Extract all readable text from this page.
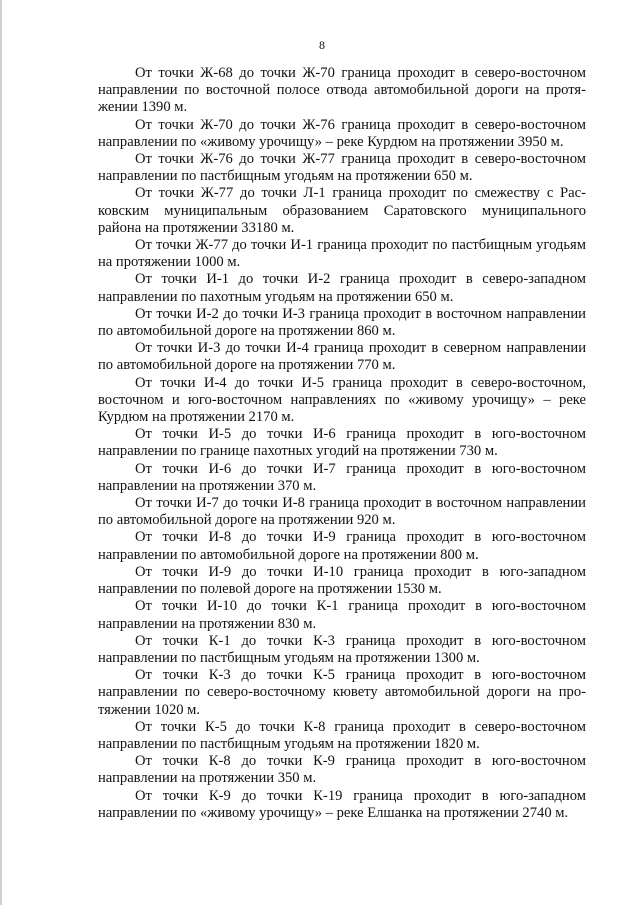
8

От точки Ж-68 до точки Ж-70 граница проходит в северо-восточном направлении по восточной полосе отвода автомобильной дороги на протяжении 1390 м.

От точки Ж-70 до точки Ж-76 граница проходит в северо-восточном направлении по «живому урочищу» – реке Курдюм на протяжении 3950 м.

От точки Ж-76 до точки Ж-77 граница проходит в северо-восточном направлении по пастбищным угодьям на протяжении 650 м.

От точки Ж-77 до точки Л-1 граница проходит по смежеству с Расковским муниципальным образованием Саратовского муниципального района на протяжении 33180 м.

От точки Ж-77 до точки И-1 граница проходит по пастбищным угодьям на протяжении 1000 м.

От точки И-1 до точки И-2 граница проходит в северо-западном направлении по пахотным угодьям на протяжении 650 м.

От точки И-2 до точки И-3 граница проходит в восточном направлении по автомобильной дороге на протяжении 860 м.

От точки И-3 до точки И-4 граница проходит в северном направлении по автомобильной дороге на протяжении 770 м.

От точки И-4 до точки И-5 граница проходит в северо-восточном, восточном и юго-восточном направлениях по «живому урочищу» – реке Курдюм на протяжении 2170 м.

От точки И-5 до точки И-6 граница проходит в юго-восточном направлении по границе пахотных угодий на протяжении 730 м.

От точки И-6 до точки И-7 граница проходит в юго-восточном направлении на протяжении 370 м.

От точки И-7 до точки И-8 граница проходит в восточном направлении по автомобильной дороге на протяжении 920 м.

От точки И-8 до точки И-9 граница проходит в юго-восточном направлении по автомобильной дороге на протяжении 800 м.

От точки И-9 до точки И-10 граница проходит в юго-западном направлении по полевой дороге на протяжении 1530 м.

От точки И-10 до точки К-1 граница проходит в юго-восточном направлении на протяжении 830 м.

От точки К-1 до точки К-3 граница проходит в юго-восточном направлении по пастбищным угодьям на протяжении 1300 м.

От точки К-3 до точки К-5 граница проходит в юго-восточном направлении по северо-восточному кювету автомобильной дороги на протяжении 1020 м.

От точки К-5 до точки К-8 граница проходит в северо-восточном направлении по пастбищным угодьям на протяжении 1820 м.

От точки К-8 до точки К-9 граница проходит в юго-восточном направлении на протяжении 350 м.

От точки К-9 до точки К-19 граница проходит в юго-западном направлении по «живому урочищу» – реке Елшанка на протяжении 2740 м.
